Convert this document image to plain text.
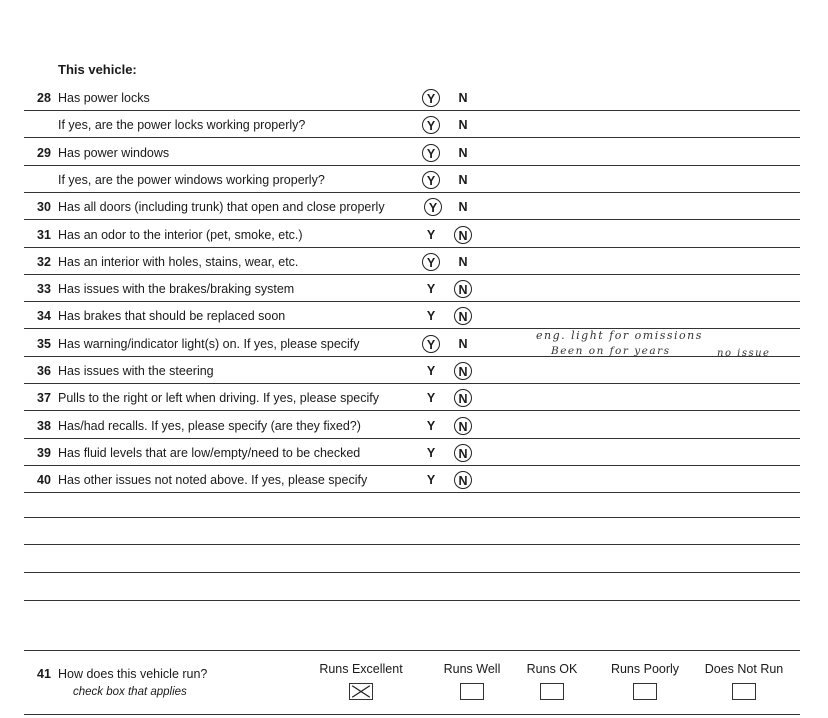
This vehicle:
28 Has power locks	Y	N
If yes, are the power locks working properly?	Y	N
29 Has power windows	Y	N
If yes, are the power windows working properly?	Y	N
30 Has all doors (including trunk) that open and close properly	Y	N
31 Has an odor to the interior (pet, smoke, etc.)	Y	N
32 Has an interior with holes, stains, wear, etc.	Y	N
33 Has issues with the brakes/braking system	Y	N
34 Has brakes that should be replaced soon	Y	N
35 Has warning/indicator light(s) on. If yes, please specify	Y	N
36 Has issues with the steering	Y	N
37 Pulls to the right or left when driving. If yes, please specify	Y	N
38 Has/had recalls. If yes, please specify (are they fixed?)	Y	N
39 Has fluid levels that are low/empty/need to be checked	Y	N
40 Has other issues not noted above. If yes, please specify	Y	N
eng. light for omissions
Been on for years	no issue
41 How does this vehicle run?
check box that applies
Runs Excellent	Runs Well	Runs OK	Runs Poorly	Does Not Run
